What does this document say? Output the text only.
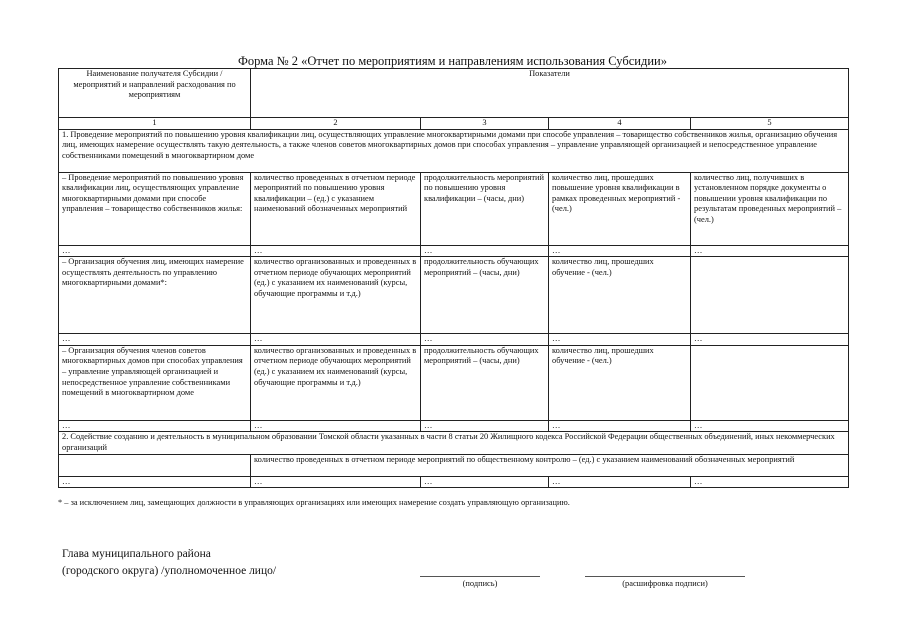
Форма № 2 «Отчет по мероприятиям и направлениям использования Субсидии»
Наименование получателя Субсидии / мероприятий и направлений расходования по мероприятиям	Показатели			
1	2	3	4	5
1. Проведение мероприятий по повышению уровня квалификации лиц, осуществляющих управление многоквартирными домами при способе управления – товарищество собственников жилья, организацию обучения лиц, имеющих намерение осуществлять такую деятельность, а также членов советов многоквартирных домов при способах управления – управление управляющей организацией и непосредственное управление собственниками помещений в многоквартирном доме				
– Проведение мероприятий по повышению уровня квалификации лиц, осуществляющих управление многоквартирными домами при способе управления – товарищество собственников жилья:	количество проведенных в отчетном периоде мероприятий по повышению уровня квалификации – (ед.) с указанием наименований обозначенных мероприятий	продолжительность мероприятий по повышению уровня квалификации – (часы, дни)	количество лиц, прошедших повышение уровня квалификации в рамках проведенных мероприятий - (чел.)	количество лиц, получивших в установленном порядке документы о повышении уровня квалификации по результатам проведенных мероприятий – (чел.)
…	…	…	…	…
– Организация обучения лиц, имеющих намерение осуществлять деятельность по управлению многоквартирными домами*:	количество организованных и проведенных в отчетном периоде обучающих мероприятий (ед.) с указанием их наименований (курсы, обучающие программы и т.д.)	продолжительность обучающих мероприятий – (часы, дни)	количество лиц, прошедших обучение - (чел.)	
…	…	…	…	…
– Организация обучения членов советов многоквартирных домов при способах управления – управление управляющей организацией и непосредственное управление собственниками помещений в многоквартирном доме	количество организованных и проведенных в отчетном периоде обучающих мероприятий (ед.) с указанием их наименований (курсы, обучающие программы и т.д.)	продолжительность обучающих мероприятий – (часы, дни)	количество лиц, прошедших обучение - (чел.)	
…	…	…	…	…
2. Содействие созданию и деятельность в муниципальном образовании Томской области указанных в части 8 статьи 20 Жилищного кодекса Российской Федерации общественных объединений, иных некоммерческих организаций				
	количество проведенных в отчетном периоде мероприятий по общественному контролю – (ед.) с указанием наименований обозначенных мероприятий			
…	…	…	…	…
* – за исключением лиц, замещающих должности в управляющих организациях или имеющих намерение создать управляющую организацию.
Глава муниципального района
(городского округа) /уполномоченное лицо/
(подпись)	(расшифровка подписи)
